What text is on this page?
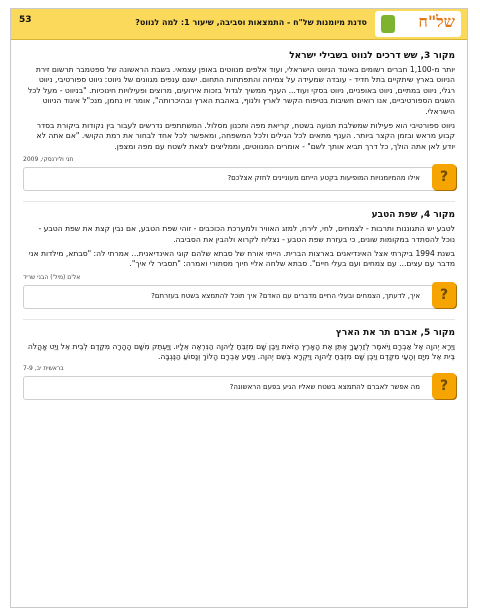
53	סדנת מיומנות של"ח - התמצאות וסביבה, שיעור 1: למה לנווט?	של"ח
מקור 3, שש דרכים לנווט בשבילי ישראל

יותר מ-1,100 חברים רשומים באיגוד הניווט הישראלי, ועוד אלפים מנווטים באופן עצמאי. בשבת הראשונה של ספטמבר תרשום זירת הניווט בארץ שיתקיים בתל חדיד - עובדה שמעידה על צמיחה והתפתחות התחום. ישנם ענפים מגוונים של ניווט: ניווט ספורטיבי, ניווט רגלי, ניווט במתיים, ניווט באופניים, ניווט בסקי ועוד... הענף ממשיך לגדול בזכות אירועים, מרוצים ופעילויות חינוכיות. "בניווט - מעל לכל השגים הספורטיביים, אנו רואים חשיבות בטיפוח הקשר לארץ ולנוף, באהבת הארץ ובהיכרותה", אומר זיו נחמן, מנכ"ל איגוד הניווט הישראלי.

ניווט ספורטיבי הוא פעילות שמשלבת תנועה בשטח, קריאת מפה ותכנון מסלול. המשתתפים נדרשים לעבור בין נקודות ביקורת בסדר קבוע מראש ובזמן הקצר ביותר. הענף מתאים לכל הגילים ולכל המשפחה, ומאפשר לכל אחד לבחור את רמת הקושי. "אם אתה לא יודע לאן אתה הולך, כל דרך תביא אותך לשם" - אומרים המנווטים, וממליצים לצאת לשטח עם מפה ומצפן.

חגי ולירנסקי, 2009
?
אילו מהמיומנויות המופיעות בקטע הייתם מעוניינים לחזק אצלכם?
מקור 4, שפת הטבע

לטבע יש התגוננות ותרבות - לצמחים, לחי, לירח, למזג האוויר ולמערכת הכוכבים - זוהי שפת הטבע, אם נבין קצת את שפת הטבע - נוכל להסתדר במקומות שונים, כי בעזרת שפת הטבע - נצליח לקרוא ולהבין את הסביבה.

בשנת 1994 ביקרתי אצל האינדיאנים בארצות הברית. הייתי אורח של סבתא שלהם קוגי האינדיאנית... אמרתי לה: "סבתא, מילדות אני מדבר עם עצים... עם צמחים ועם בעלי חיים". סבתא שלחה אליי חיוך מסתורי ואמרה: "תסביר לי איך".

אל'ם (מיל') הבני שריד
?
איך, לדעתך, הצמחים ובעלי החיים מדברים עם האדם? איך תוכל להתמצא בשטח בעזרתם?
מקור 5, אברם תר את הארץ

וַיֵּרָא יְהוָה אֶל אַבְרָם וַיֹּאמֶר לְזַרְעֲךָ אֶתֵּן אֶת הָאָרֶץ הַזֹּאת וַיִּבֶן שָׁם מִזְבֵּחַ לַיהוָה הַנִּרְאֶה אֵלָיו. וַיַּעְתֵּק מִשָּׁם הָהָרָה מִקֶּדֶם לְבֵית אֵל וַיֵּט אָהֳלֹה בֵּית אֵל מִיָּם וְהָעַי מִקֶּדֶם וַיִּבֶן שָׁם מִזְבֵּחַ לַיהוָה וַיִּקְרָא בְּשֵׁם יְהוָה. וַיִּסַּע אַבְרָם הָלוֹךְ וְנָסוֹעַ הַנֶּגְבָּה.

בראשית יב, 7-9
?
מה אפשר לאברם להתמצא בשטח שאליו הגיע בפעם הראשונה?
